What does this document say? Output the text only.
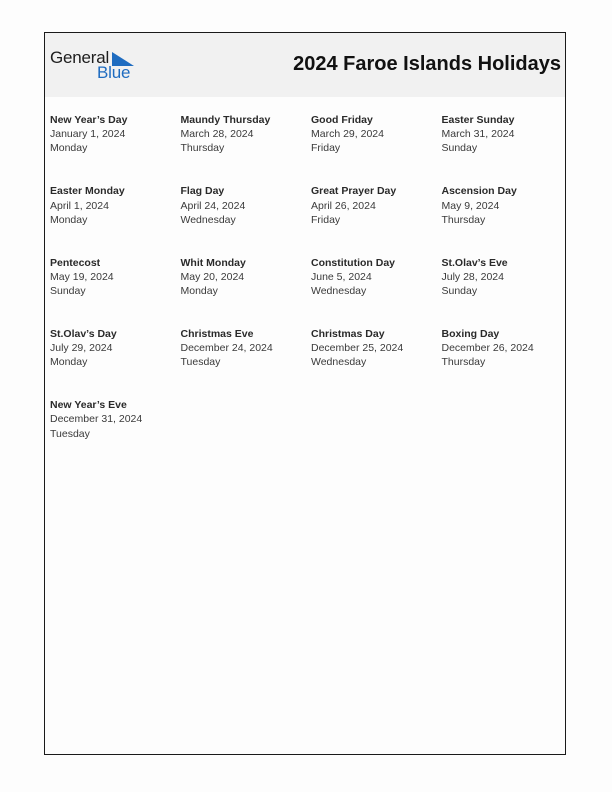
General
Blue	2024 Faroe Islands Holidays
New Year’s Day
January 1, 2024
Monday
Maundy Thursday
March 28, 2024
Thursday
Good Friday
March 29, 2024
Friday
Easter Sunday
March 31, 2024
Sunday
Easter Monday
April 1, 2024
Monday
Flag Day
April 24, 2024
Wednesday
Great Prayer Day
April 26, 2024
Friday
Ascension Day
May 9, 2024
Thursday
Pentecost
May 19, 2024
Sunday
Whit Monday
May 20, 2024
Monday
Constitution Day
June 5, 2024
Wednesday
St.Olav’s Eve
July 28, 2024
Sunday
St.Olav’s Day
July 29, 2024
Monday
Christmas Eve
December 24, 2024
Tuesday
Christmas Day
December 25, 2024
Wednesday
Boxing Day
December 26, 2024
Thursday
New Year’s Eve
December 31, 2024
Tuesday
